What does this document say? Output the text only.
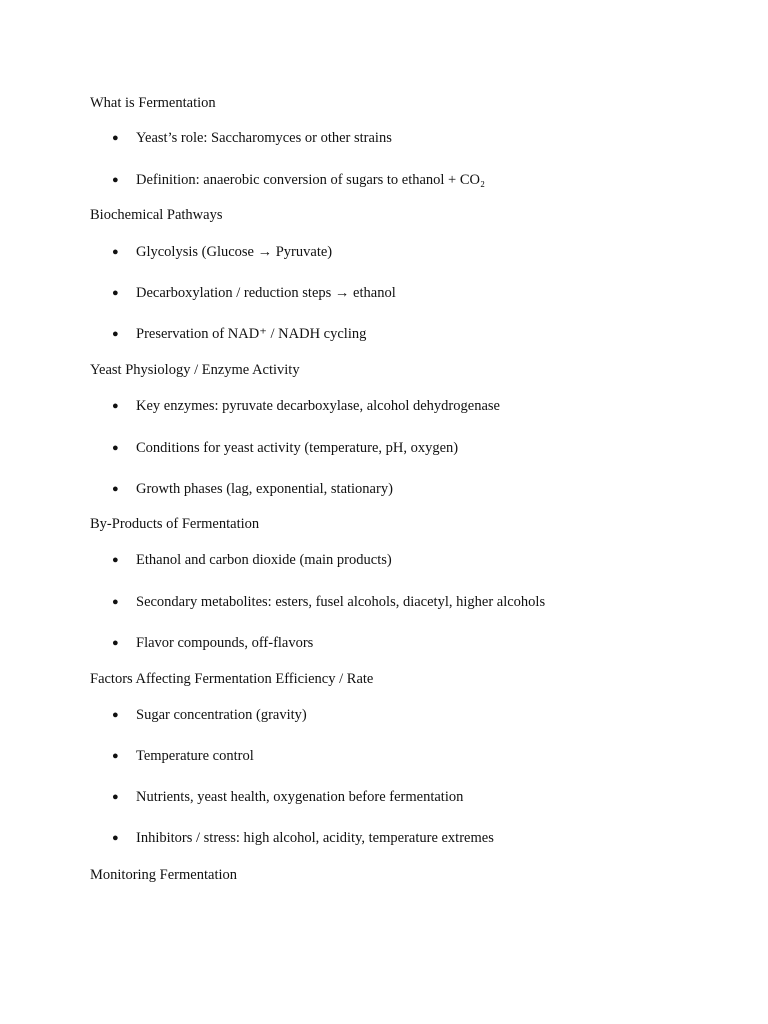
What is Fermentation
● Yeast’s role: Saccharomyces or other strains
● Definition: anaerobic conversion of sugars to ethanol + CO₂
Biochemical Pathways
● Glycolysis (Glucose → Pyruvate)
● Decarboxylation / reduction steps → ethanol
● Preservation of NAD⁺ / NADH cycling
Yeast Physiology / Enzyme Activity
● Key enzymes: pyruvate decarboxylase, alcohol dehydrogenase
● Conditions for yeast activity (temperature, pH, oxygen)
● Growth phases (lag, exponential, stationary)
By‑Products of Fermentation
● Ethanol and carbon dioxide (main products)
● Secondary metabolites: esters, fusel alcohols, diacetyl, higher alcohols
● Flavor compounds, off-flavors
Factors Affecting Fermentation Efficiency / Rate
● Sugar concentration (gravity)
● Temperature control
● Nutrients, yeast health, oxygenation before fermentation
● Inhibitors / stress: high alcohol, acidity, temperature extremes
Monitoring Fermentation
